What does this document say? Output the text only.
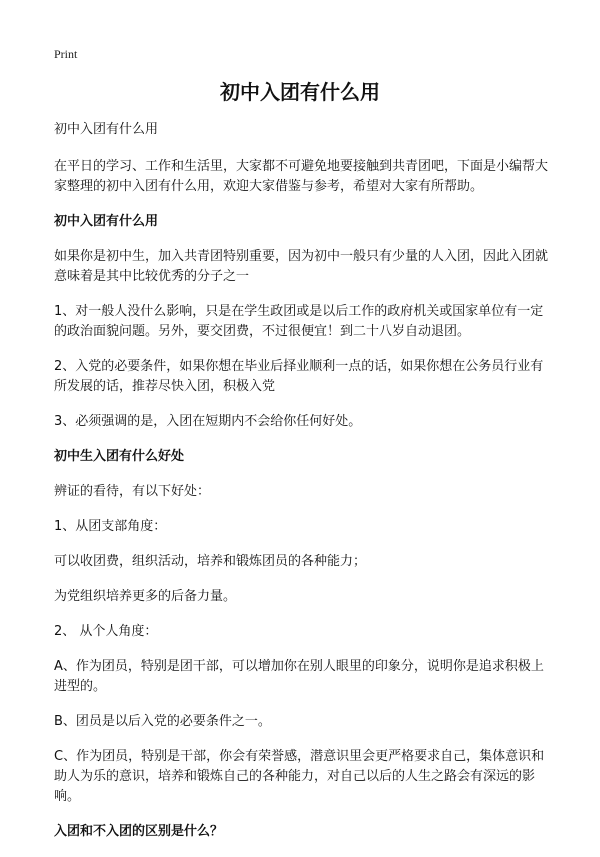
Print
初中入团有什么用

初中入团有什么用

在平日的学习、工作和生活里，大家都不可避免地要接触到共青团吧，下面是小编帮大家整理的初中入团有什么用，欢迎大家借鉴与参考，希望对大家有所帮助。

初中入团有什么用

如果你是初中生，加入共青团特别重要，因为初中一般只有少量的人入团，因此入团就意味着是其中比较优秀的分子之一

1、对一般人没什么影响，只是在学生政团或是以后工作的政府机关或国家单位有一定的政治面貌问题。另外，要交团费，不过很便宜！到二十八岁自动退团。

2、入党的必要条件，如果你想在毕业后择业顺利一点的话，如果你想在公务员行业有所发展的话，推荐尽快入团，积极入党

3、必须强调的是，入团在短期内不会给你任何好处。

初中生入团有什么好处

辨证的看待，有以下好处：

1、从团支部角度：

可以收团费，组织活动，培养和锻炼团员的各种能力；

为党组织培养更多的后备力量。

2、 从个人角度：

A、作为团员，特别是团干部，可以增加你在别人眼里的印象分，说明你是追求积极上进型的。

B、团员是以后入党的必要条件之一。

C、作为团员，特别是干部，你会有荣誉感，潜意识里会更严格要求自己，集体意识和助人为乐的意识，培养和锻炼自己的各种能力，对自己以后的人生之路会有深远的影响。

入团和不入团的区别是什么？
